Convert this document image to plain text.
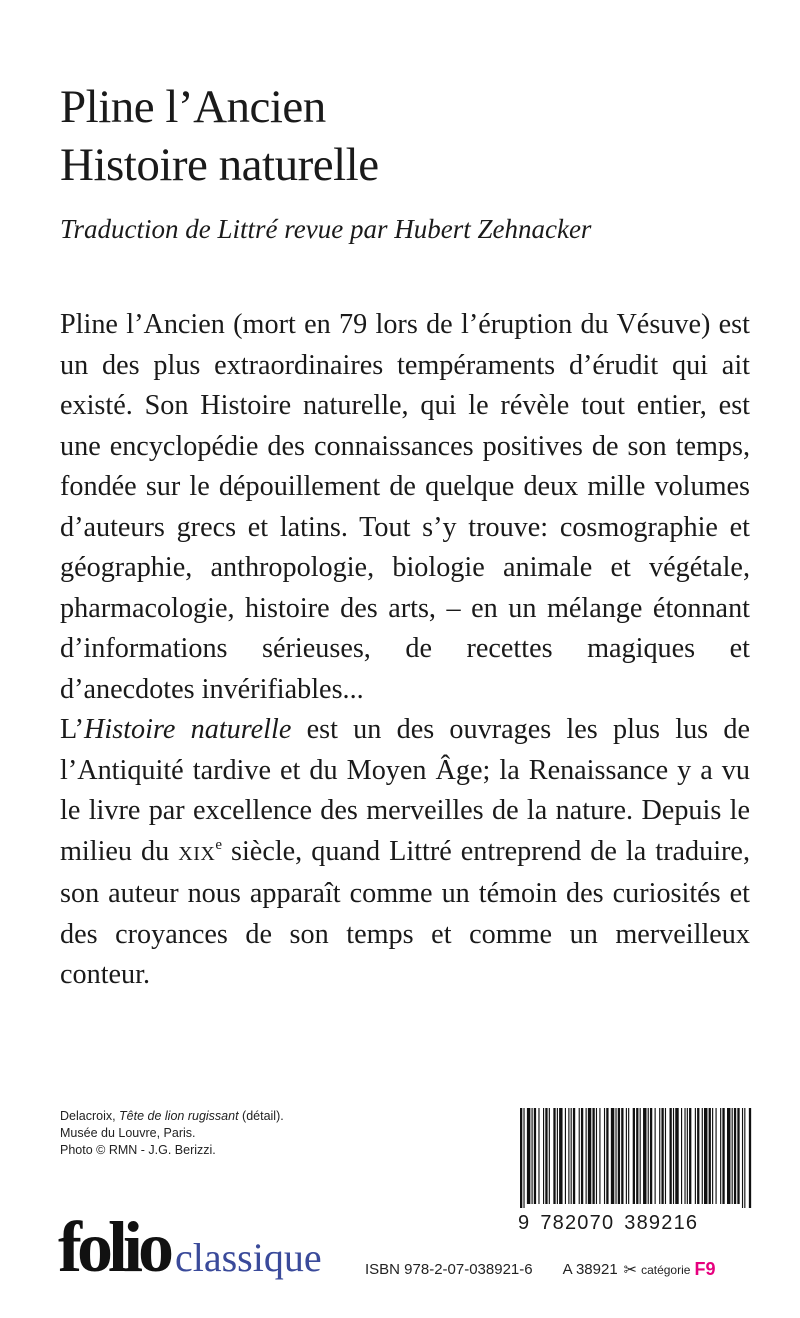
Pline l’Ancien
Histoire naturelle
Traduction de Littré revue par Hubert Zehnacker

Pline l’Ancien (mort en 79 lors de l’éruption du Vésuve) est un des plus extraordinaires tempéraments d’érudit qui ait existé. Son Histoire naturelle, qui le révèle tout entier, est une encyclopédie des connaissances positives de son temps, fondée sur le dépouillement de quelque deux mille volumes d’auteurs grecs et latins. Tout s’y trouve: cosmographie et géographie, anthropologie, biologie animale et végétale, pharmacologie, histoire des arts, – en un mélange étonnant d’informations sérieuses, de recettes magiques et d’anecdotes invérifiables...

L’Histoire naturelle est un des ouvrages les plus lus de l’Antiquité tardive et du Moyen Âge; la Renaissance y a vu le livre par excellence des merveilles de la nature. Depuis le milieu du XIXe siècle, quand Littré entreprend de la traduire, son auteur nous apparaît comme un témoin des curiosités et des croyances de son temps et comme un merveilleux conteur.

Delacroix, Tête de lion rugissant (détail).
Musée du Louvre, Paris.
Photo © RMN - J.G. Berizzi.
folio classique
9 782070 389216
ISBN 978-2-07-038921-6 A 38921 ✂ catégorie F9
